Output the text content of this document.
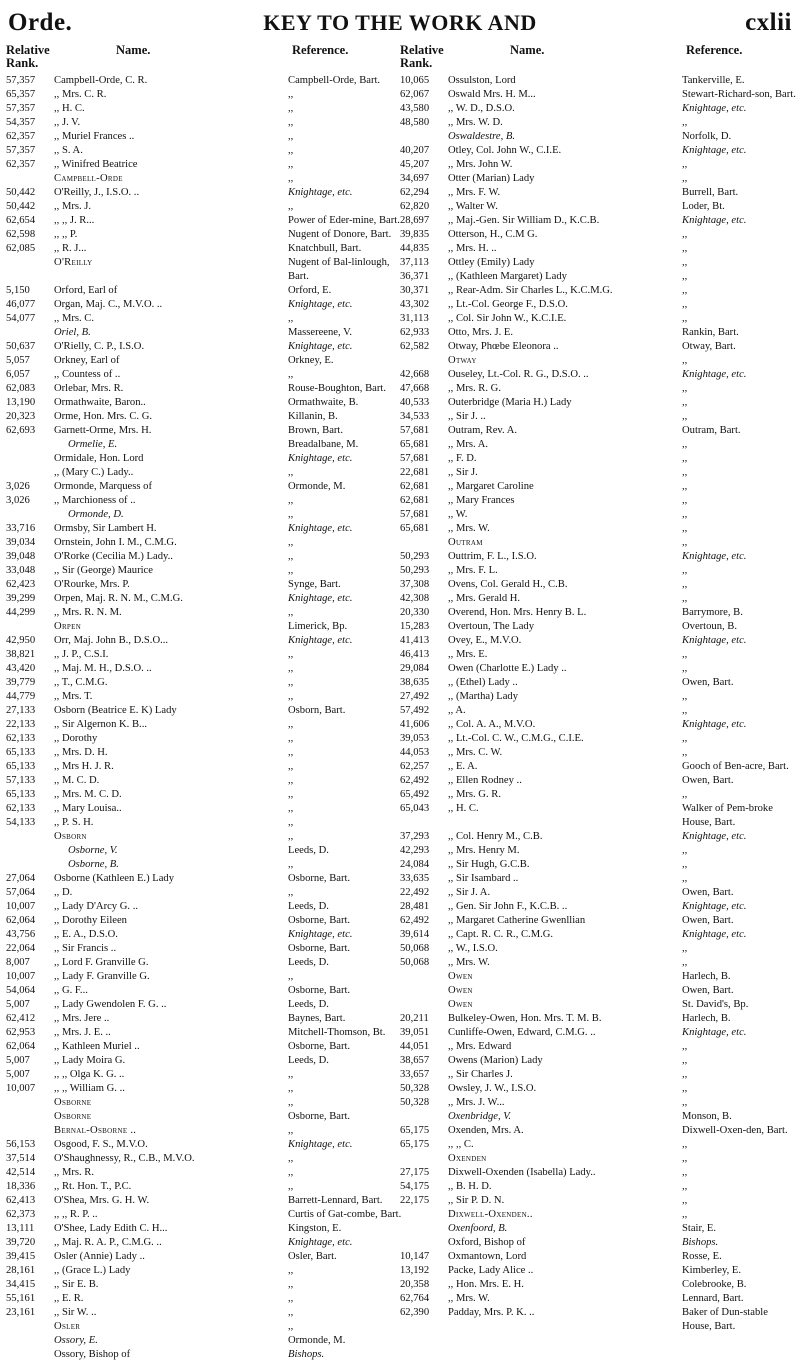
Orde.	KEY TO THE WORK AND	cxlii
Relative Rank.
Name.	Reference.
57,357	Campbell-Orde, C. R.	Campbell-Orde, Bart.
65,357	,, Mrs. C. R.	,,
57,357	,, H. C.	,,
54,357	,, J. V.	,,
62,357	,, Muriel Frances ..	,,
57,357	,, S. A.	,,
62,357	,, Winifred Beatrice	,,
Campbell-Orde	,,
50,442	O'Reilly, J., I.S.O. ..	Knightage, etc.
50,442	,, Mrs. J.	,,
62,654	,, ,, J. R...	Power of Eder-mine, Bart.
62,598	,, ,, P.	Nugent of Donore, Bart.
62,085	,, R. J...	Knatchbull, Bart.
O'Reilly	Nugent of Bal-linlough, Bart.
5,150	Orford, Earl of	Orford, E.
46,077	Organ, Maj. C., M.V.O. ..	Knightage, etc.
54,077	,, Mrs. C.	,,
Oriel, B.	Massereene, V.
50,637	O'Rielly, C. P., I.S.O.	Knightage, etc.
5,057	Orkney, Earl of	Orkney, E.
6,057	,, Countess of ..	,,
62,083	Orlebar, Mrs. R.	Rouse-Boughton, Bart.
13,190	Ormathwaite, Baron..	Ormathwaite, B.
20,323	Orme, Hon. Mrs. C. G.	Killanin, B.
62,693	Garnett-Orme, Mrs. H.	Brown, Bart.
Ormelie, E.	Breadalbane, M.
Ormidale, Hon. Lord	Knightage, etc.
,, (Mary C.) Lady..	,,
3,026	Ormonde, Marquess of	Ormonde, M.
3,026	,, Marchioness of ..	,,
Ormonde, D.	,,
33,716	Ormsby, Sir Lambert H.	Knightage, etc.
39,034	Ornstein, John I. M., C.M.G.	,,
39,048	O'Rorke (Cecilia M.) Lady..	,,
33,048	,, Sir (George) Maurice	,,
62,423	O'Rourke, Mrs. P.	Synge, Bart.
39,299	Orpen, Maj. R. N. M., C.M.G.	Knightage, etc.
44,299	,, Mrs. R. N. M.	,,
Orpen	Limerick, Bp.
42,950	Orr, Maj. John B., D.S.O...	Knightage, etc.
38,821	,, J. P., C.S.I.	,,
43,420	,, Maj. M. H., D.S.O. ..	,,
39,779	,, T., C.M.G.	,,
44,779	,, Mrs. T.	,,
27,133	Osborn (Beatrice E. K) Lady	Osborn, Bart.
22,133	,, Sir Algernon K. B...	,,
62,133	,, Dorothy	,,
65,133	,, Mrs. D. H.	,,
65,133	,, Mrs H. J. R.	,,
57,133	,, M. C. D.	,,
65,133	,, Mrs. M. C. D.	,,
62,133	,, Mary Louisa..	,,
54,133	,, P. S. H.	,,
Osborn	,,
Osborne, V.	Leeds, D.
Osborne, B.	,,
27,064	Osborne (Kathleen E.) Lady	Osborne, Bart.
57,064	,, D.	,,
10,007	,, Lady D'Arcy G. ..	Leeds, D.
62,064	,, Dorothy Eileen	Osborne, Bart.
43,756	,, E. A., D.S.O.	Knightage, etc.
22,064	,, Sir Francis ..	Osborne, Bart.
8,007	,, Lord F. Granville G.	Leeds, D.
10,007	,, Lady F. Granville G.	,,
54,064	,, G. F...	Osborne, Bart.
5,007	,, Lady Gwendolen F. G. ..	Leeds, D.
62,412	,, Mrs. Jere ..	Baynes, Bart.
62,953	,, Mrs. J. E. ..	Mitchell-Thomson, Bt.
62,064	,, Kathleen Muriel ..	Osborne, Bart.
5,007	,, Lady Moira G.	Leeds, D.
5,007	,, ,, Olga K. G. ..	,,
10,007	,, ,, William G. ..	,,
Osborne	,,
Osborne	Osborne, Bart.
Bernal-Osborne ..	,,
56,153	Osgood, F. S., M.V.O.	Knightage, etc.
37,514	O'Shaughnessy, R., C.B., M.V.O.	,,
42,514	,, Mrs. R.	,,
18,336	,, Rt. Hon. T., P.C.	,,
62,413	O'Shea, Mrs. G. H. W.	Barrett-Lennard, Bart.
62,373	,, ,, R. P. ..	Curtis of Gat-combe, Bart.
13,111	O'Shee, Lady Edith C. H...	Kingston, E.
39,720	,, Maj. R. A. P., C.M.G. ..	Knightage, etc.
39,415	Osler (Annie) Lady ..	Osler, Bart.
28,161	,, (Grace L.) Lady	,,
34,415	,, Sir E. B.	,,
55,161	,, E. R.	,,
23,161	,, Sir W. ..	,,
Osler	,,
Ossory, E.	Ormonde, M.
Ossory, Bishop of	Bishops.
Relative Rank.
Name.	Reference.
10,065	Ossulston, Lord	Tankerville, E.
62,067	Oswald Mrs. H. M...	Stewart-Richard-son, Bart.
43,580	,, W. D., D.S.O.	Knightage, etc.
48,580	,, Mrs. W. D.	,,
Oswaldestre, B.	Norfolk, D.
40,207	Otley, Col. John W., C.I.E.	Knightage, etc.
45,207	,, Mrs. John W.	,,
34,697	Otter (Marian) Lady	,,
62,294	,, Mrs. F. W.	Burrell, Bart.
62,820	,, Walter W.	Loder, Bt.
28,697	,, Maj.-Gen. Sir William D., K.C.B.	Knightage, etc.
39,835	Otterson, H., C.M G.	,,
44,835	,, Mrs. H. ..	,,
37,113	Ottley (Emily) Lady	,,
36,371	,, (Kathleen Margaret) Lady	,,
30,371	,, Rear-Adm. Sir Charles L., K.C.M.G.	,,
43,302	,, Lt.-Col. George F., D.S.O.	,,
31,113	,, Col. Sir John W., K.C.I.E.	,,
62,933	Otto, Mrs. J. E.	Rankin, Bart.
62,582	Otway, Phœbe Eleonora ..	Otway, Bart.
Otway	,,
42,668	Ouseley, Lt.-Col. R. G., D.S.O. ..	Knightage, etc.
47,668	,, Mrs. R. G.	,,
40,533	Outerbridge (Maria H.) Lady	,,
34,533	,, Sir J. ..	,,
57,681	Outram, Rev. A.	Outram, Bart.
65,681	,, Mrs. A.	,,
57,681	,, F. D.	,,
22,681	,, Sir J.	,,
62,681	,, Margaret Caroline	,,
62,681	,, Mary Frances	,,
57,681	,, W.	,,
65,681	,, Mrs. W.	,,
Outram	,,
50,293	Outtrim, F. L., I.S.O.	Knightage, etc.
50,293	,, Mrs. F. L.	,,
37,308	Ovens, Col. Gerald H., C.B.	,,
42,308	,, Mrs. Gerald H.	,,
20,330	Overend, Hon. Mrs. Henry B. L.	Barrymore, B.
15,283	Overtoun, The Lady	Overtoun, B.
41,413	Ovey, E., M.V.O.	Knightage, etc.
46,413	,, Mrs. E.	,,
29,084	Owen (Charlotte E.) Lady ..	,,
38,635	,, (Ethel) Lady ..	Owen, Bart.
27,492	,, (Martha) Lady	,,
57,492	,, A.	,,
41,606	,, Col. A. A., M.V.O.	Knightage, etc.
39,053	,, Lt.-Col. C. W., C.M.G., C.I.E.	,,
44,053	,, Mrs. C. W.	,,
62,257	,, E. A.	Gooch of Ben-acre, Bart.
62,492	,, Ellen Rodney ..	Owen, Bart.
65,492	,, Mrs. G. R.	,,
65,043	,, H. C.	Walker of Pem-broke House, Bart.
37,293	,, Col. Henry M., C.B.	Knightage, etc.
42,293	,, Mrs. Henry M.	,,
24,084	,, Sir Hugh, G.C.B.	,,
33,635	,, Sir Isambard ..	,,
22,492	,, Sir J. A.	Owen, Bart.
28,481	,, Gen. Sir John F., K.C.B. ..	Knightage, etc.
62,492	,, Margaret Catherine Gwenllian	Owen, Bart.
39,614	,, Capt. R. C. R., C.M.G.	Knightage, etc.
50,068	,, W., I.S.O.	,,
50,068	,, Mrs. W.	,,
Owen	Harlech, B.
Owen	Owen, Bart.
Owen	St. David's, Bp.
20,211	Bulkeley-Owen, Hon. Mrs. T. M. B.	Harlech, B.
39,051	Cunliffe-Owen, Edward, C.M.G. ..	Knightage, etc.
44,051	,, Mrs. Edward	,,
38,657	Owens (Marion) Lady	,,
33,657	,, Sir Charles J.	,,
50,328	Owsley, J. W., I.S.O.	,,
50,328	,, Mrs. J. W...	,,
Oxenbridge, V.	Monson, B.
65,175	Oxenden, Mrs. A.	Dixwell-Oxen-den, Bart.
65,175	,, ,, C.	,,
Oxenden	,,
27,175	Dixwell-Oxenden (Isabella) Lady..	,,
54,175	,, B. H. D.	,,
22,175	,, Sir P. D. N.	,,
Dixwell-Oxenden..	,,
Oxenfoord, B.	Stair, E.
Oxford, Bishop of	Bishops.
10,147	Oxmantown, Lord	Rosse, E.
13,192	Packe, Lady Alice ..	Kimberley, E.
20,358	,, Hon. Mrs. E. H.	Colebrooke, B.
62,764	,, Mrs. W.	Lennard, Bart.
62,390	Padday, Mrs. P. K. ..	Baker of Dun-stable House, Bart.
